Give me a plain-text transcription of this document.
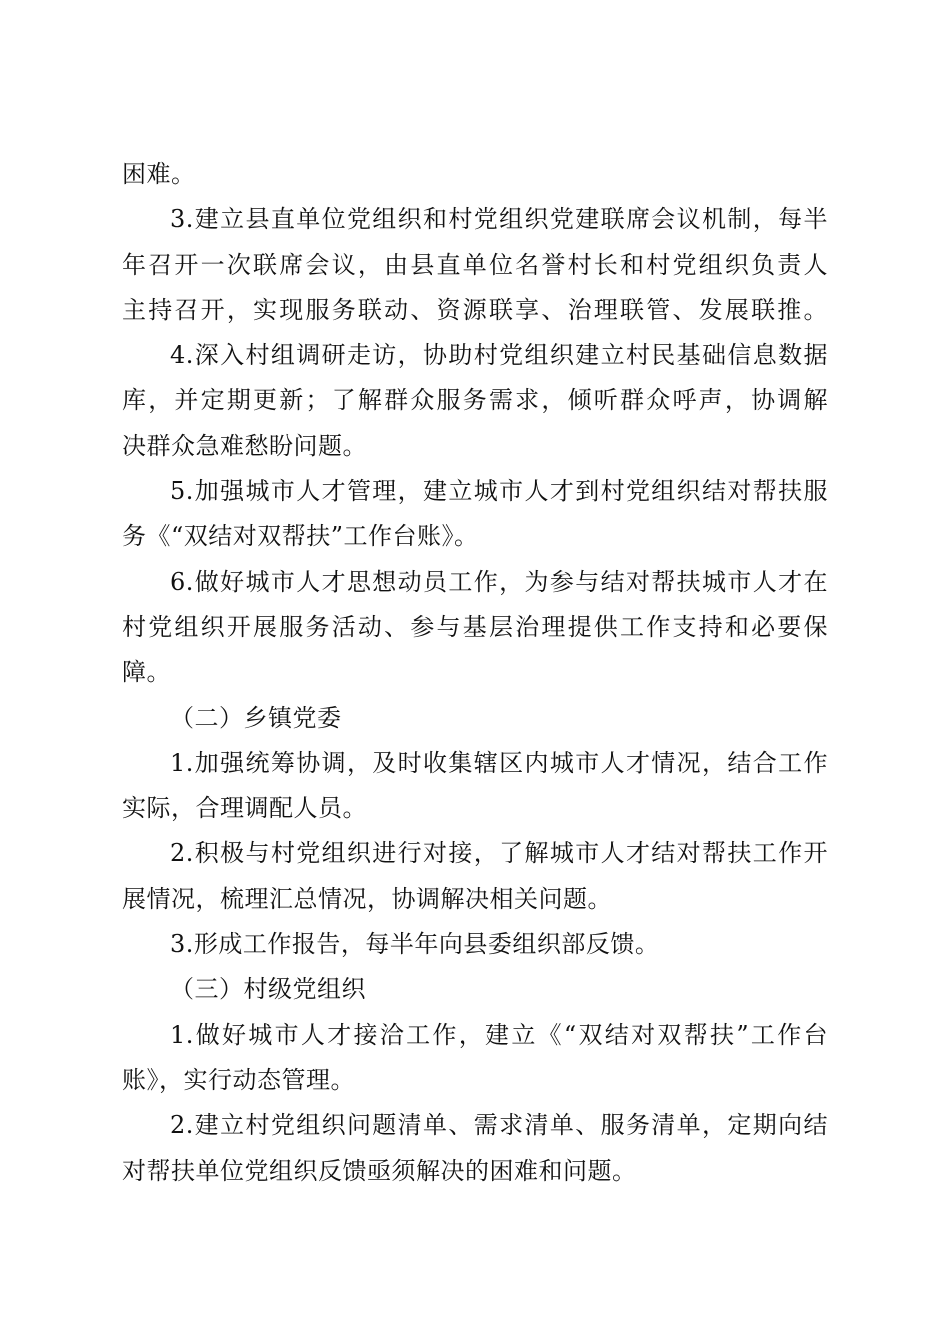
困难。
3.建立县直单位党组织和村党组织党建联席会议机制，每半
年召开一次联席会议，由县直单位名誉村长和村党组织负责人
主持召开，实现服务联动、资源联享、治理联管、发展联推。
4.深入村组调研走访，协助村党组织建立村民基础信息数据
库，并定期更新；了解群众服务需求，倾听群众呼声，协调解
决群众急难愁盼问题。
5.加强城市人才管理，建立城市人才到村党组织结对帮扶服
务《“双结对双帮扶”工作台账》。
6.做好城市人才思想动员工作，为参与结对帮扶城市人才在
村党组织开展服务活动、参与基层治理提供工作支持和必要保
障。
（二）乡镇党委
1.加强统筹协调，及时收集辖区内城市人才情况，结合工作
实际，合理调配人员。
2.积极与村党组织进行对接，了解城市人才结对帮扶工作开
展情况，梳理汇总情况，协调解决相关问题。
3.形成工作报告，每半年向县委组织部反馈。
（三）村级党组织
1.做好城市人才接洽工作，建立《“双结对双帮扶”工作台
账》，实行动态管理。
2.建立村党组织问题清单、需求清单、服务清单，定期向结
对帮扶单位党组织反馈亟须解决的困难和问题。
